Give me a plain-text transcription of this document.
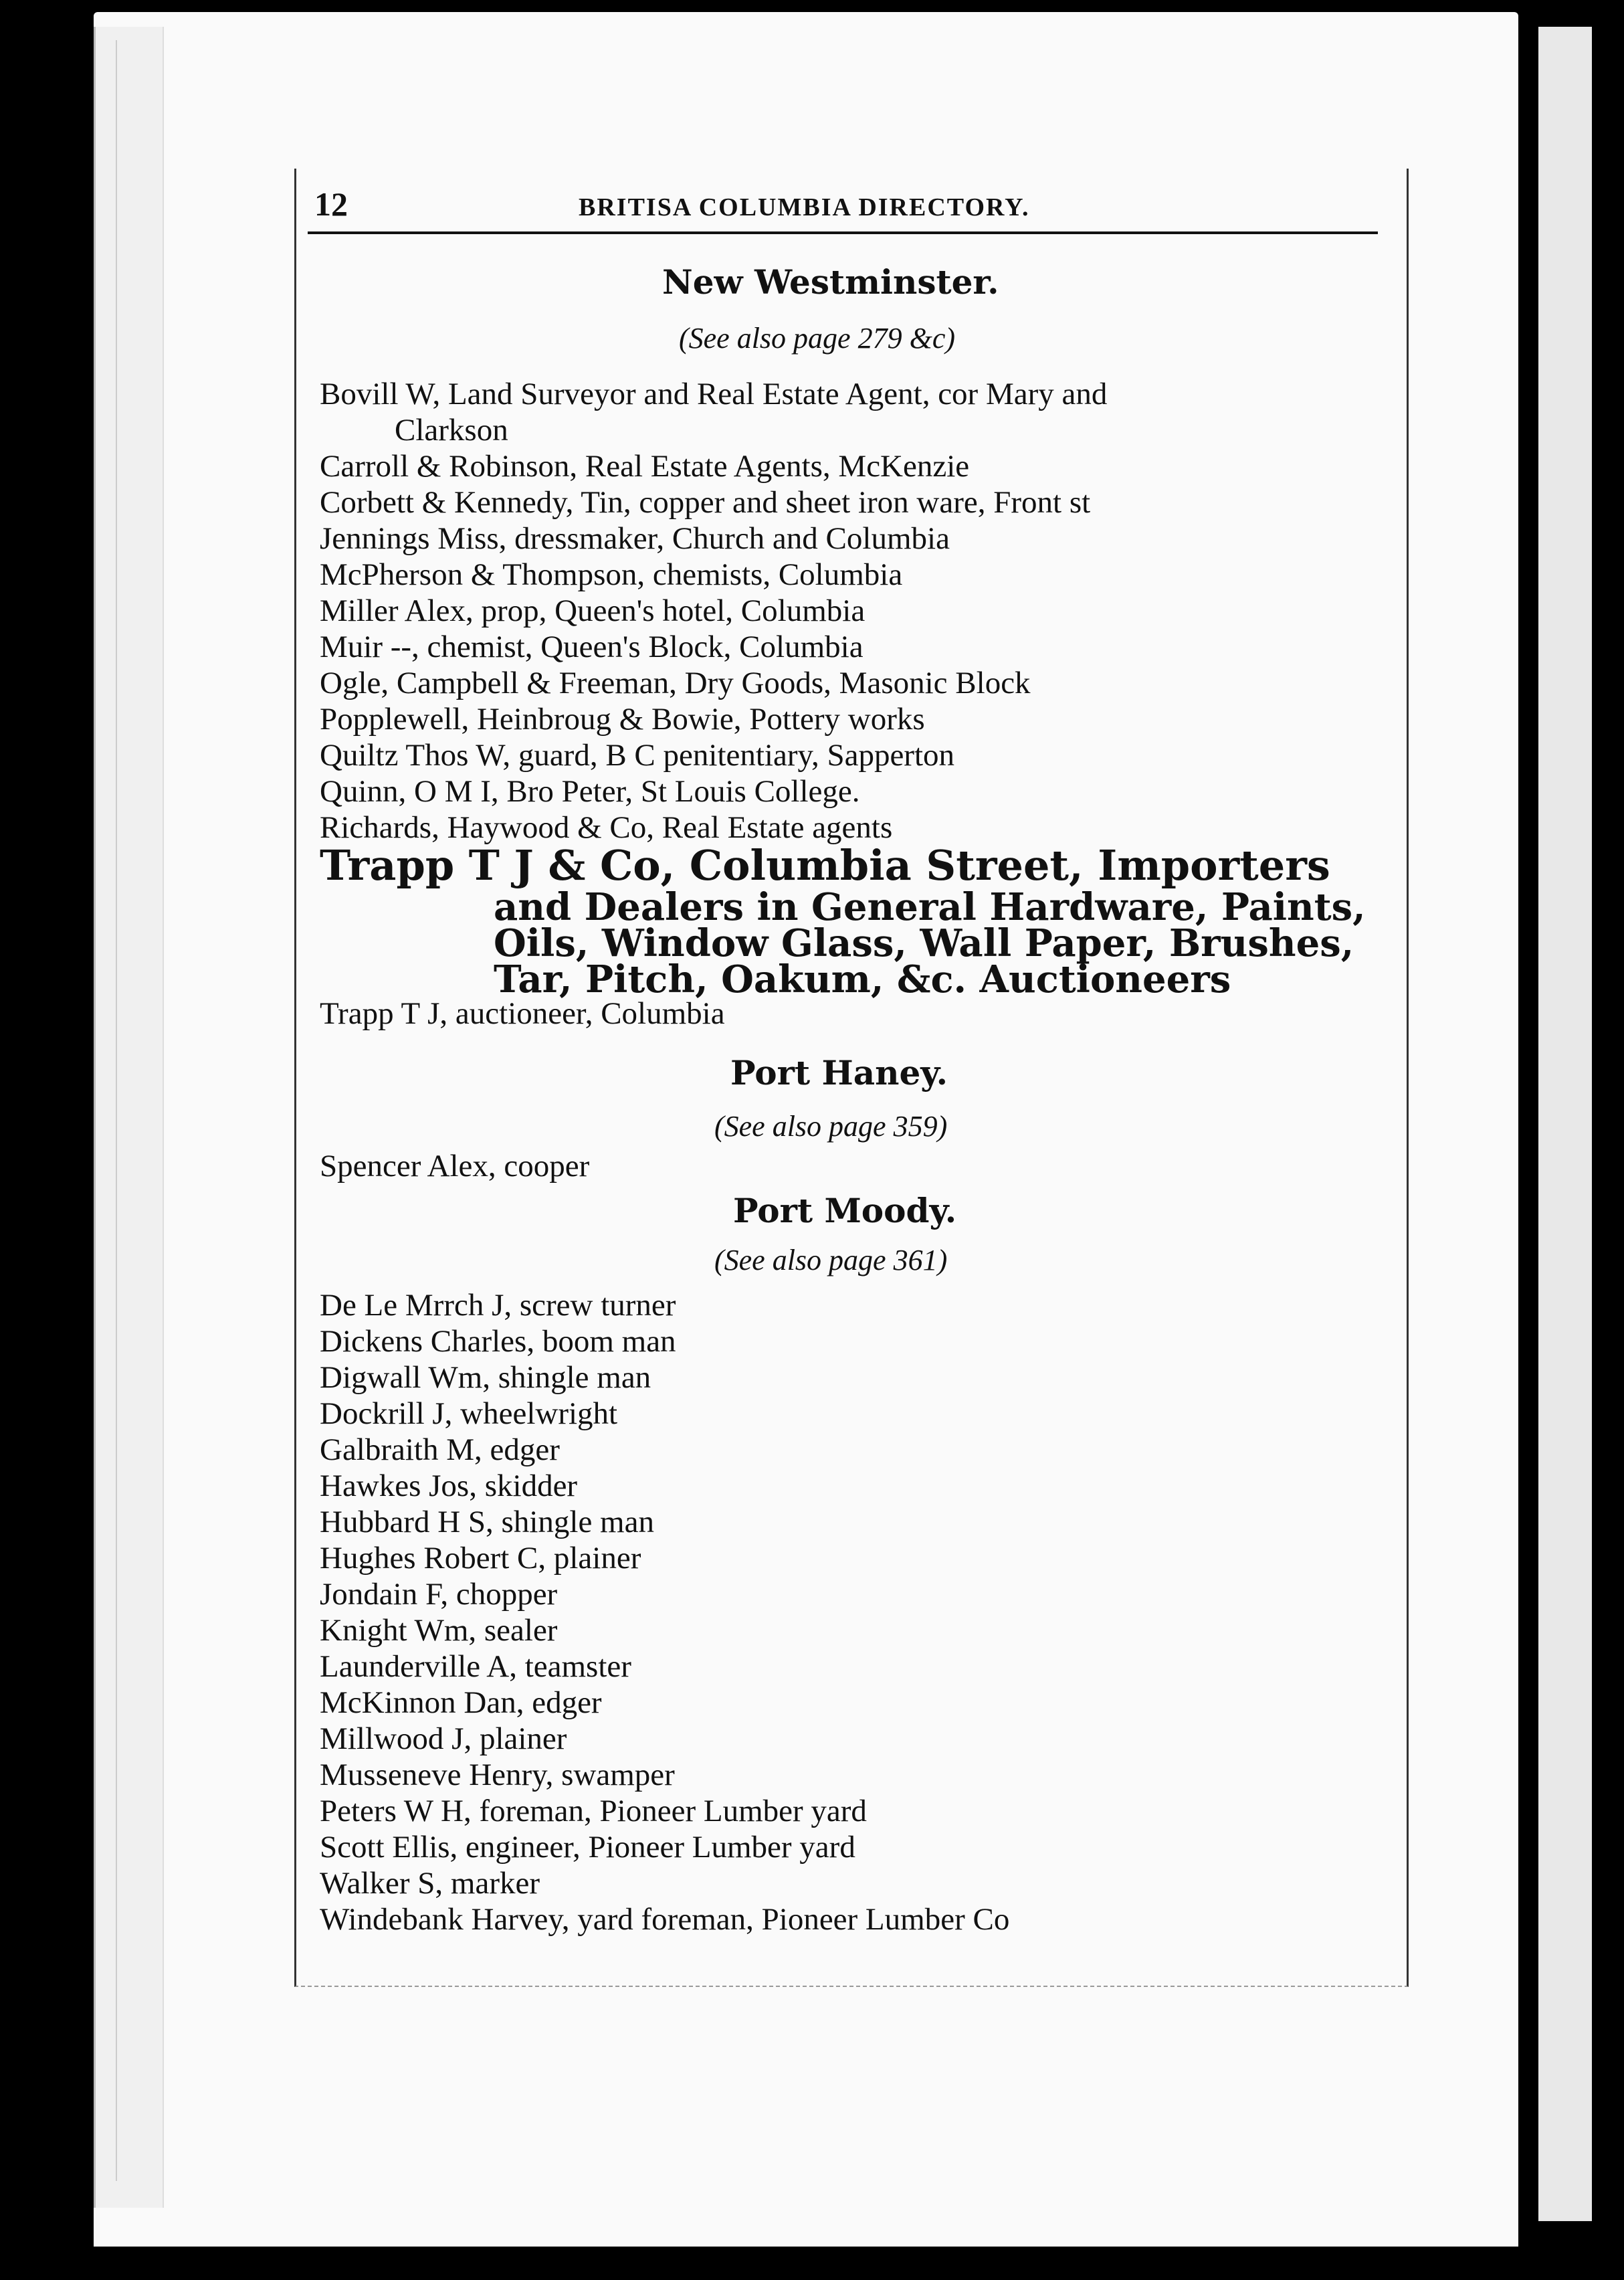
12	BRITISA COLUMBIA DIRECTORY.
New Westminster.
(See also page 279 &c)
Bovill W, Land Surveyor and Real Estate Agent, cor Mary and
Clarkson
Carroll & Robinson, Real Estate Agents, McKenzie
Corbett & Kennedy, Tin, copper and sheet iron ware, Front st
Jennings Miss, dressmaker, Church and Columbia
McPherson & Thompson, chemists, Columbia
Miller Alex, prop, Queen's hotel, Columbia
Muir --, chemist, Queen's Block, Columbia
Ogle, Campbell & Freeman, Dry Goods, Masonic Block
Popplewell, Heinbroug & Bowie, Pottery works
Quiltz Thos W, guard, B C penitentiary, Sapperton
Quinn, O M I, Bro Peter, St Louis College.
Richards, Haywood & Co, Real Estate agents
Trapp T J & Co, Columbia Street, Importers
and Dealers in General Hardware, Paints,
Oils, Window Glass, Wall Paper, Brushes,
Tar, Pitch, Oakum, &c. Auctioneers
Trapp T J, auctioneer, Columbia
Port Haney.
(See also page 359)
Spencer Alex, cooper
Port Moody.
(See also page 361)
De Le Mrrch J, screw turner
Dickens Charles, boom man
Digwall Wm, shingle man
Dockrill J, wheelwright
Galbraith M, edger
Hawkes Jos, skidder
Hubbard H S, shingle man
Hughes Robert C, plainer
Jondain F, chopper
Knight Wm, sealer
Launderville A, teamster
McKinnon Dan, edger
Millwood J, plainer
Musseneve Henry, swamper
Peters W H, foreman, Pioneer Lumber yard
Scott Ellis, engineer, Pioneer Lumber yard
Walker S, marker
Windebank Harvey, yard foreman, Pioneer Lumber Co
